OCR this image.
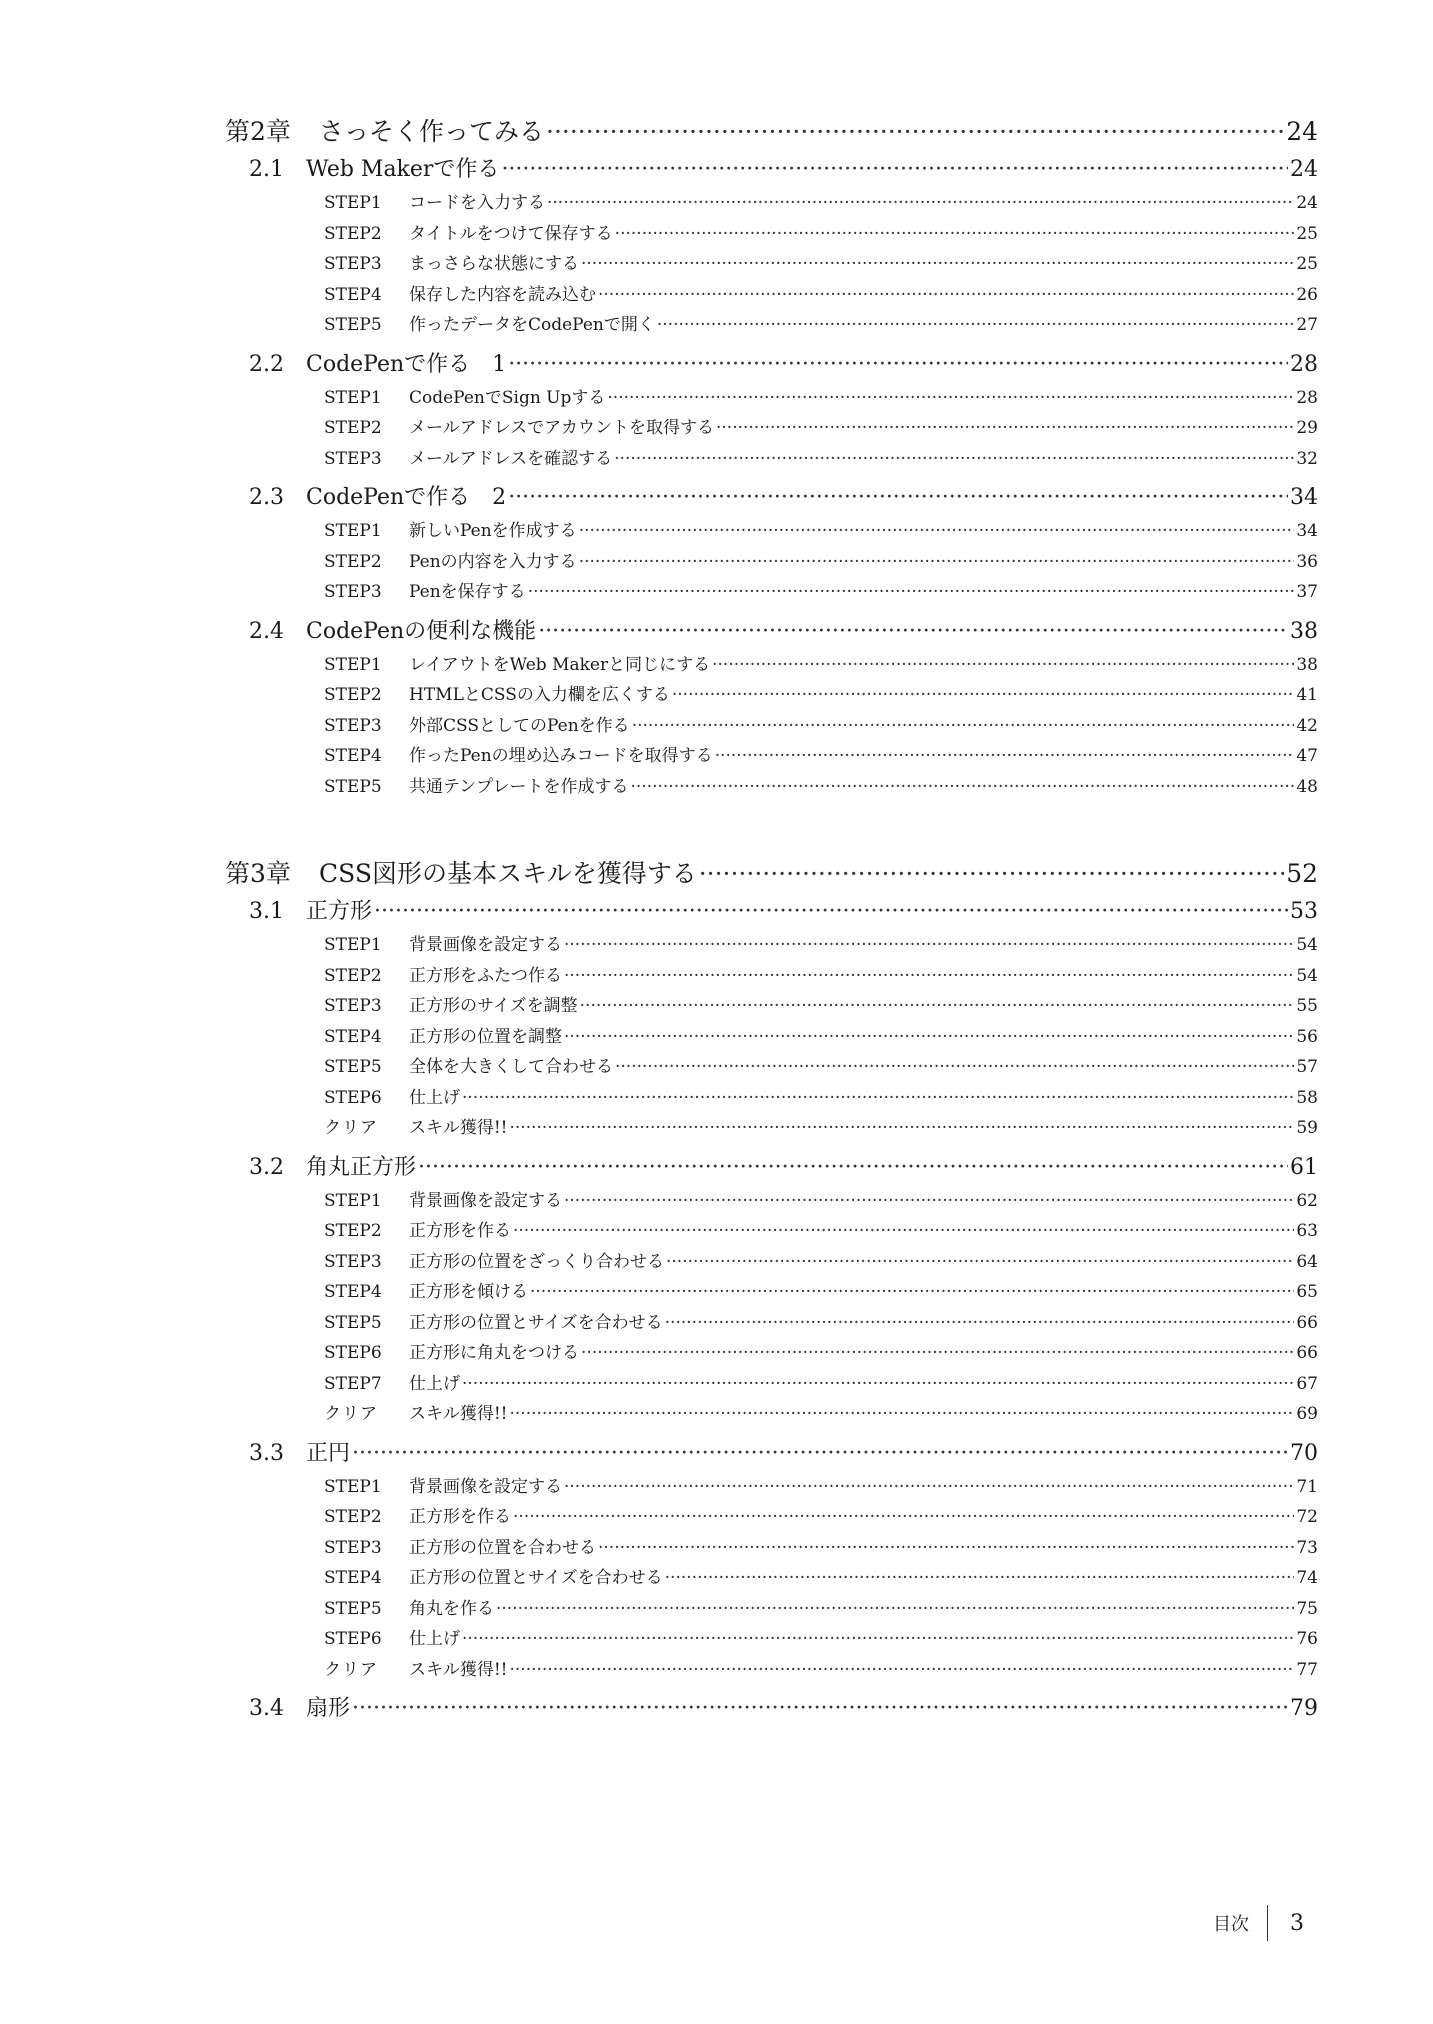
第2章 さっそく作ってみる ·····	24
2.1 Web Makerで作る ·····	24
STEP1 コードを入力する ·····	24
STEP2 タイトルをつけて保存する ·····	25
STEP3 まっさらな状態にする ·····	25
STEP4 保存した内容を読み込む ·····	26
STEP5 作ったデータをCodePenで開く ·····	27
2.2 CodePenで作る　1 ·····	28
STEP1 CodePenでSign Upする ·····	28
STEP2 メールアドレスでアカウントを取得する ·····	29
STEP3 メールアドレスを確認する ·····	32
2.3 CodePenで作る　2 ·····	34
STEP1 新しいPenを作成する ·····	34
STEP2 Penの内容を入力する ·····	36
STEP3 Penを保存する ·····	37
2.4 CodePenの便利な機能 ·····	38
STEP1 レイアウトをWeb Makerと同じにする ·····	38
STEP2 HTMLとCSSの入力欄を広くする ·····	41
STEP3 外部CSSとしてのPenを作る ·····	42
STEP4 作ったPenの埋め込みコードを取得する ·····	47
STEP5 共通テンプレートを作成する ·····	48
第3章 CSS図形の基本スキルを獲得する ·····	52
3.1 正方形 ·····	53
STEP1 背景画像を設定する ·····	54
STEP2 正方形をふたつ作る ·····	54
STEP3 正方形のサイズを調整 ·····	55
STEP4 正方形の位置を調整 ·····	56
STEP5 全体を大きくして合わせる ·····	57
STEP6 仕上げ ·····	58
クリア スキル獲得!! ·····	59
3.2 角丸正方形 ·····	61
STEP1 背景画像を設定する ·····	62
STEP2 正方形を作る ·····	63
STEP3 正方形の位置をざっくり合わせる ·····	64
STEP4 正方形を傾ける ·····	65
STEP5 正方形の位置とサイズを合わせる ·····	66
STEP6 正方形に角丸をつける ·····	66
STEP7 仕上げ ·····	67
クリア スキル獲得!! ·····	69
3.3 正円 ·····	70
STEP1 背景画像を設定する ·····	71
STEP2 正方形を作る ·····	72
STEP3 正方形の位置を合わせる ·····	73
STEP4 正方形の位置とサイズを合わせる ·····	74
STEP5 角丸を作る ·····	75
STEP6 仕上げ ·····	76
クリア スキル獲得!! ·····	77
3.4 扇形 ·····	79
目次 3
